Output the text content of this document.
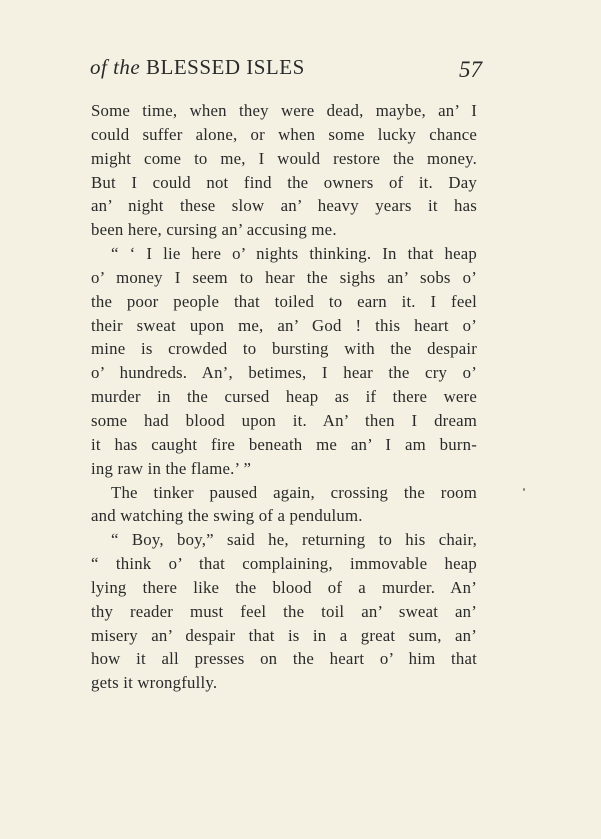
of the BLESSED ISLES	57
Some time, when they were dead, maybe, an’ I
could suffer alone, or when some lucky chance
might come to me, I would restore the money.
But I could not find the owners of it. Day
an’ night these slow an’ heavy years it has
been here, cursing an’ accusing me.
“ ‘ I lie here o’ nights thinking. In that heap
o’ money I seem to hear the sighs an’ sobs o’
the poor people that toiled to earn it. I feel
their sweat upon me, an’ God ! this heart o’
mine is crowded to bursting with the despair
o’ hundreds. An’, betimes, I hear the cry o’
murder in the cursed heap as if there were
some had blood upon it. An’ then I dream
it has caught fire beneath me an’ I am burn-
ing raw in the flame.’ ”
The tinker paused again, crossing the room
and watching the swing of a pendulum.
“ Boy, boy,” said he, returning to his chair,
“ think o’ that complaining, immovable heap
lying there like the blood of a murder. An’
thy reader must feel the toil an’ sweat an’
misery an’ despair that is in a great sum, an’
how it all presses on the heart o’ him that
gets it wrongfully.
